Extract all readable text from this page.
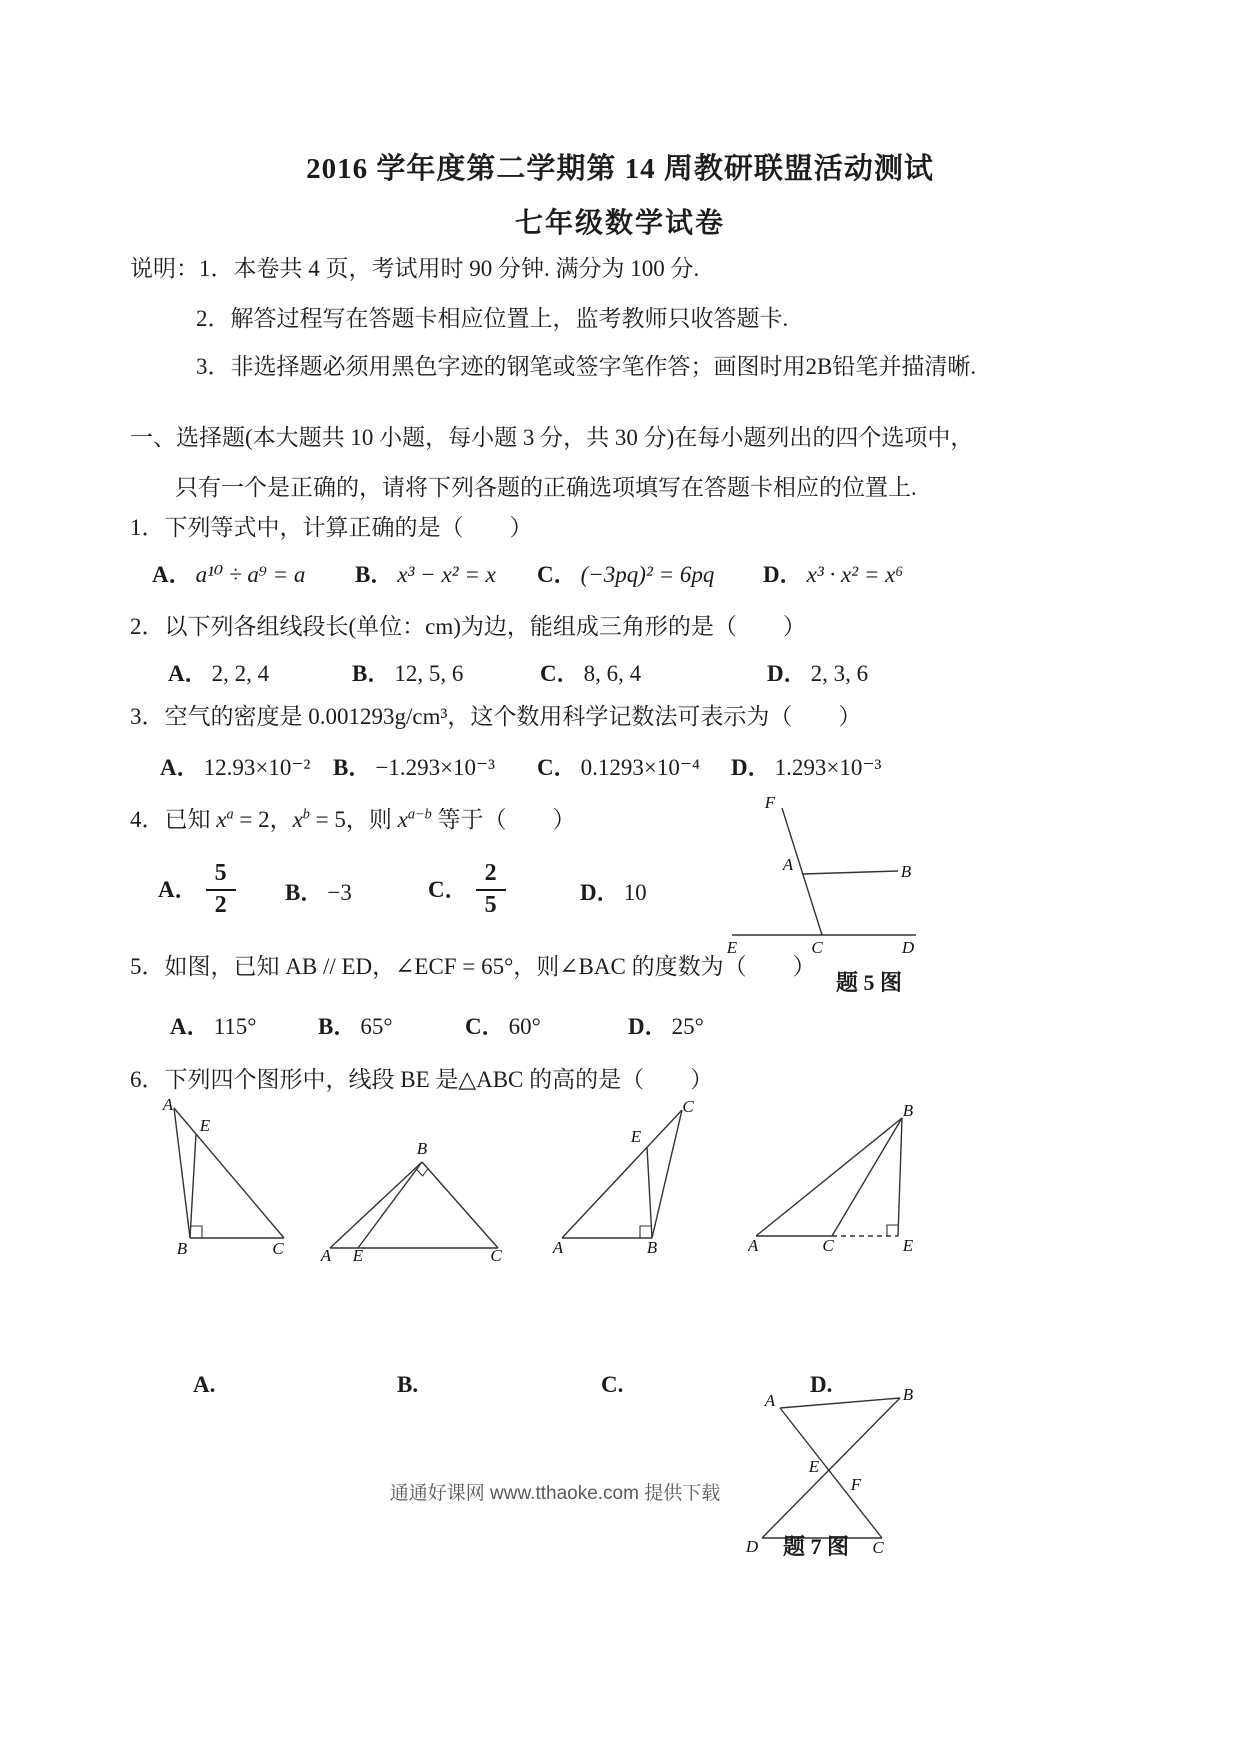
2016 学年度第二学期第 14 周教研联盟活动测试
七年级数学试卷
说明：1．本卷共 4 页，考试用时 90 分钟. 满分为 100 分.
2．解答过程写在答题卡相应位置上，监考教师只收答题卡.
3．非选择题必须用黑色字迹的钢笔或签字笔作答；画图时用2B铅笔并描清晰.
一、选择题(本大题共 10 小题，每小题 3 分，共 30 分)在每小题列出的四个选项中，
只有一个是正确的，请将下列各题的正确选项填写在答题卡相应的位置上.
1．下列等式中，计算正确的是（　　）
A． a¹⁰ ÷ a⁹ = a B． x³ − x² = x C． (−3pq)² = 6pq D． x³ · x² = x⁶
2．以下列各组线段长(单位：cm)为边，能组成三角形的是（　　）
A． 2, 2, 4	B． 12, 5, 6	C． 8, 6, 4	D． 2, 3, 6
3．空气的密度是 0.001293g/cm³，这个数用科学记数法可表示为（　　）
A． 12.93×10⁻² B． −1.293×10⁻³ C． 0.1293×10⁻⁴ D． 1.293×10⁻³
4．已知 $x^a = 2$，$x^b = 5$，则 $x^{a-b}$ 等于（　　）
A． $\frac{5}{2}$ B． −3	C． $\frac{2}{5}$	D． 10
F
A	B
E	C	D
题 5 图
5．如图，已知 AB // ED，∠ECF = 65°，则∠BAC 的度数为（　　）
A． 115°	B． 65°	C． 60°	D． 25°
6．下列四个图形中，线段 BE 是△ABC 的高的是（　　）
A
E
B	C
B
A E	C
C
E
A	B
B
A	C	E
A.	B.	C.	D.
A	B
E
F
D	C
题 7 图
通通好课网 www.tthaoke.com 提供下载
